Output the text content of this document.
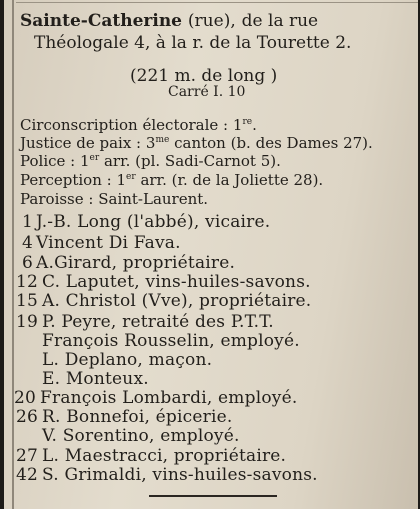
Sainte-Catherine (rue), de la rue
Théologale 4, à la r. de la Tourette 2.
(221 m. de long )
Carré I. 10
Circonscription électorale : 1re.
Justice de paix : $3^{me}$ canton (b. des Dames 27).
Police : 1er arr. (pl. Sadi-Carnot 5).
Perception : 1er arr. (r. de la Joliette 28).
Paroisse : Saint-Laurent.
1 J.-B. Long (l'abbé), vicaire.
4 Vincent Di Fava.
6 A.Girard, propriétaire.
12 C. Laputet, vins-huiles-savons.
15 A. Christol (Vve), propriétaire.
19 P. Peyre, retraité des P.T.T.
François Rousselin, employé.
L. Deplano, maçon.
E. Monteux.
20 François Lombardi, employé.
26 R. Bonnefoi, épicerie.
V. Sorentino, employé.
27 L. Maestracci, propriétaire.
42 S. Grimaldi, vins-huiles-savons.
